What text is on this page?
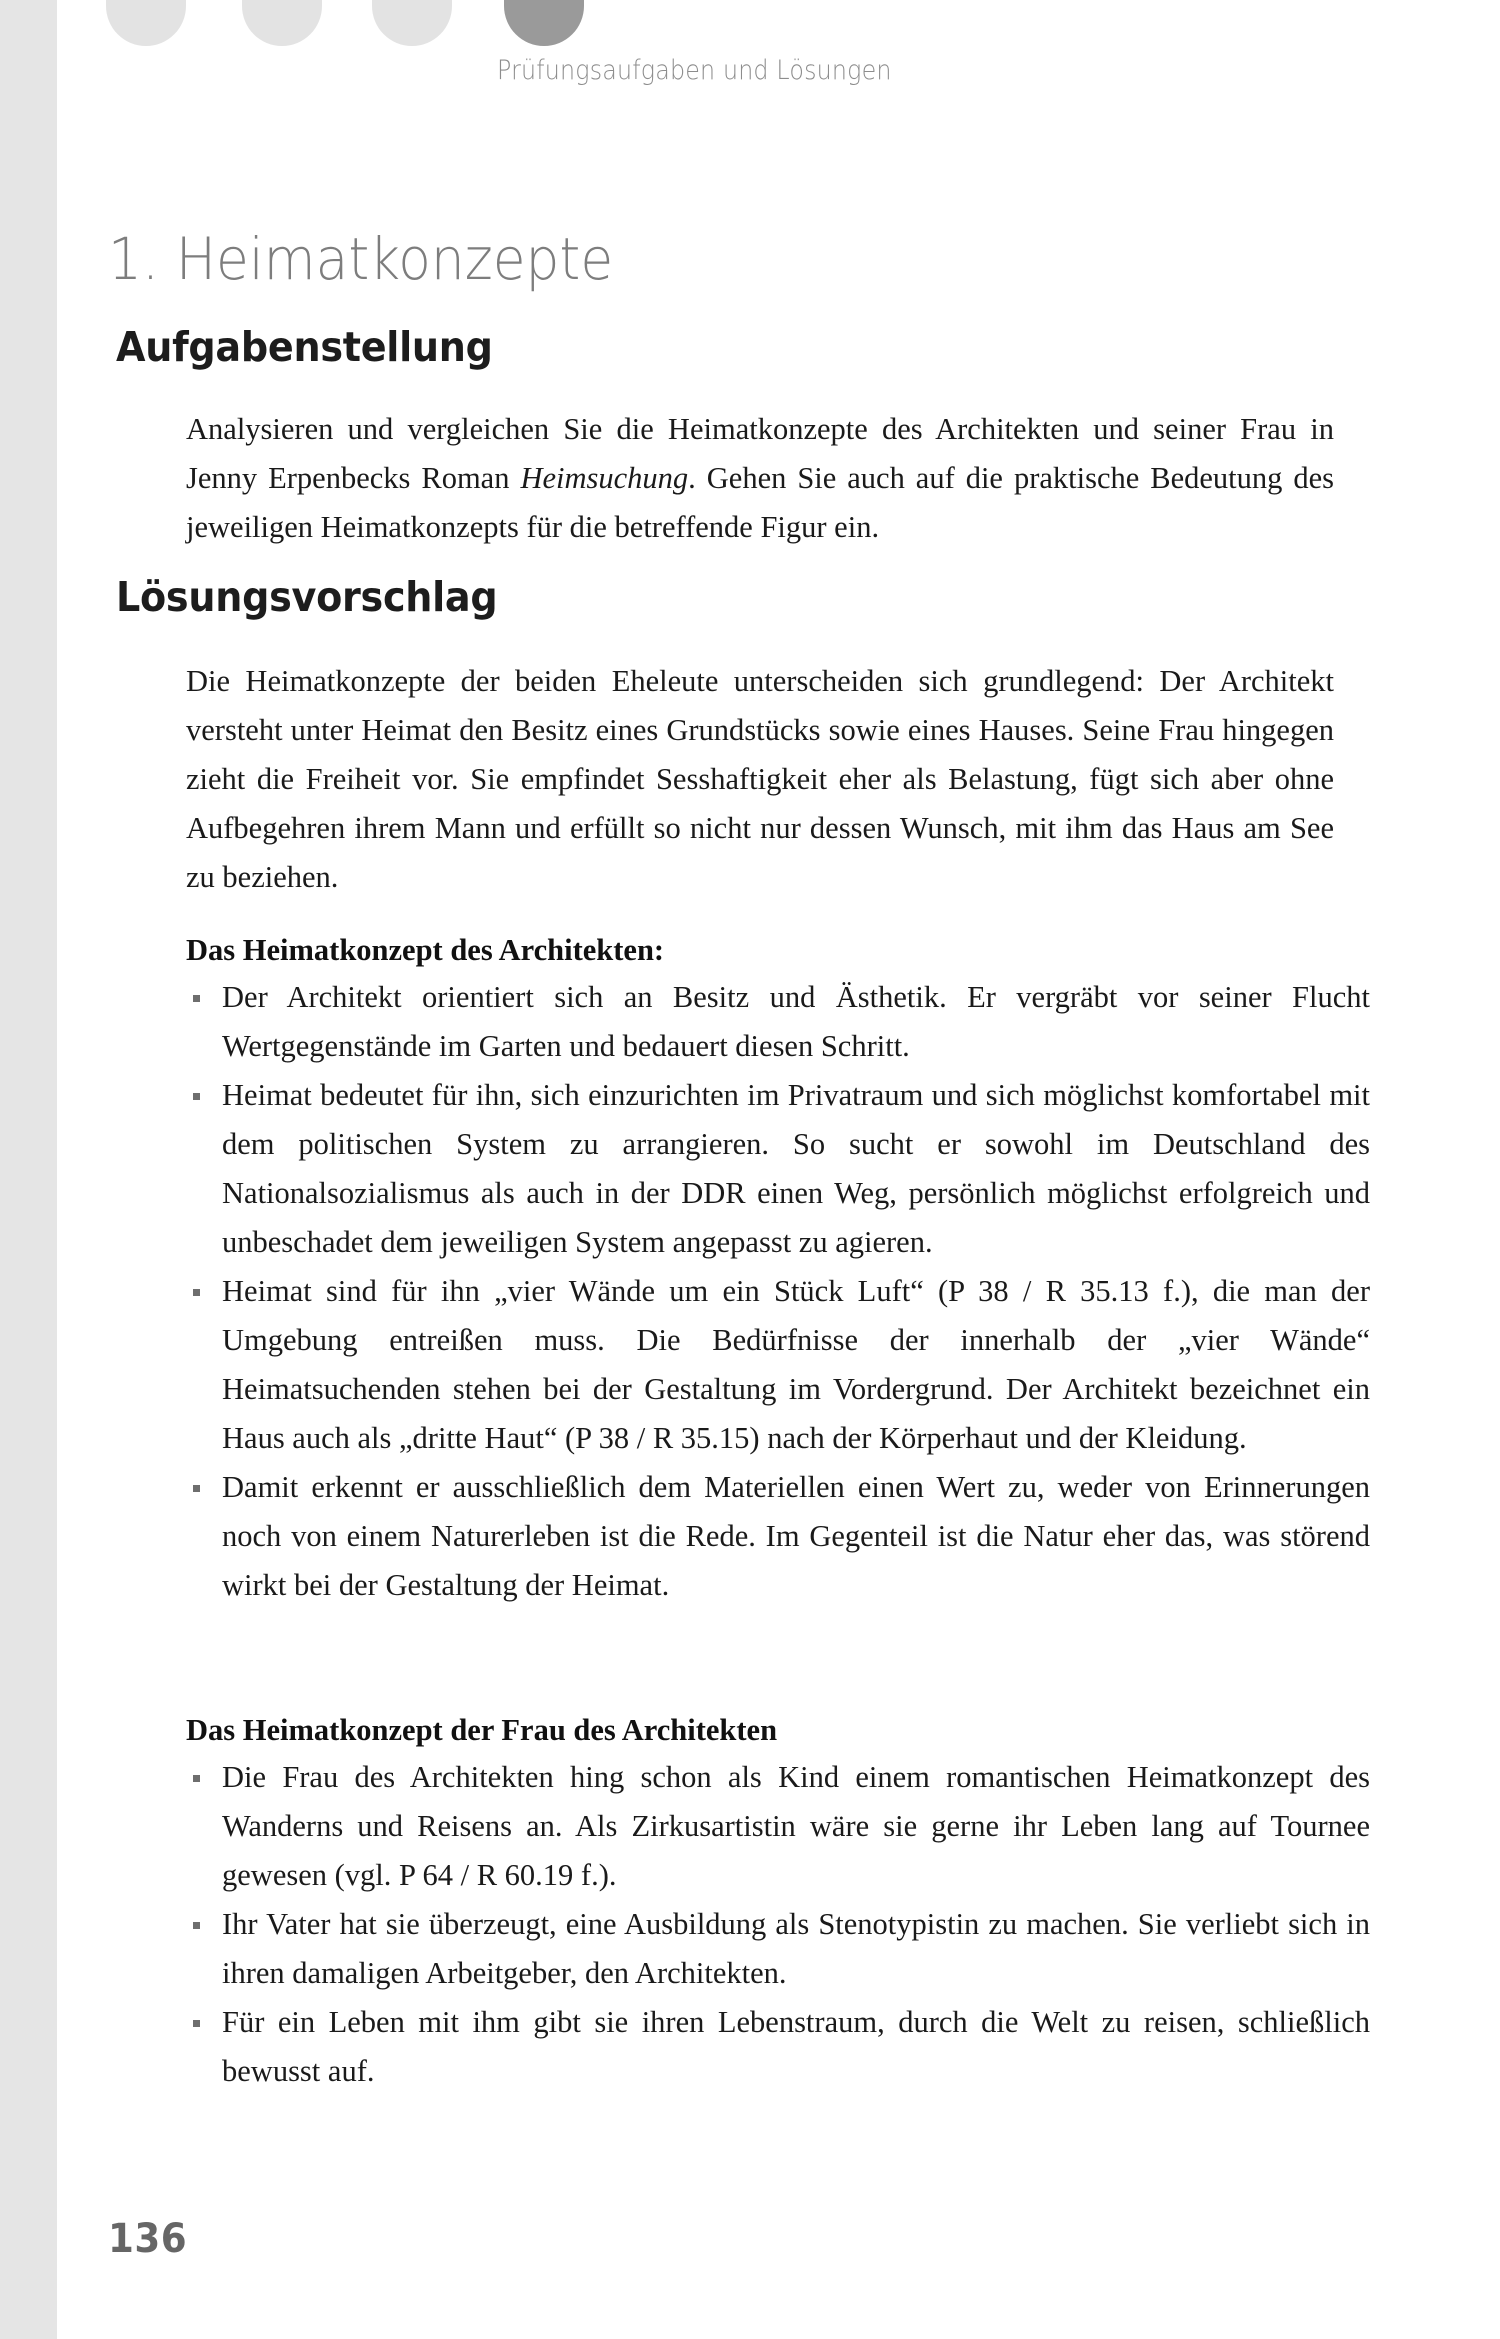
Prüfungsaufgaben und Lösungen
1. Heimatkonzepte
Aufgabenstellung

Analysieren und vergleichen Sie die Heimatkonzepte des Architekten und seiner Frau in Jenny Erpenbecks Roman Heimsuchung. Gehen Sie auch auf die praktische Bedeutung des jeweiligen Heimatkonzepts für die betreffende Figur ein.

Lösungsvorschlag

Die Heimatkonzepte der beiden Eheleute unterscheiden sich grundlegend: Der Architekt versteht unter Heimat den Besitz eines Grundstücks sowie eines Hauses. Seine Frau hingegen zieht die Freiheit vor. Sie empfindet Sesshaftigkeit eher als Belastung, fügt sich aber ohne Aufbegehren ihrem Mann und erfüllt so nicht nur dessen Wunsch, mit ihm das Haus am See zu beziehen.

Das Heimatkonzept des Architekten:
Der Architekt orientiert sich an Besitz und Ästhetik. Er vergräbt vor seiner Flucht Wertgegenstände im Garten und bedauert diesen Schritt.
Heimat bedeutet für ihn, sich einzurichten im Privatraum und sich möglichst komfortabel mit dem politischen System zu arrangieren. So sucht er sowohl im Deutschland des Nationalsozialismus als auch in der DDR einen Weg, persönlich möglichst erfolgreich und unbeschadet dem jeweiligen System angepasst zu agieren.
Heimat sind für ihn „vier Wände um ein Stück Luft“ (P 38 / R 35.13 f.), die man der Umgebung entreißen muss. Die Bedürfnisse der innerhalb der „vier Wände“ Heimatsuchenden stehen bei der Gestaltung im Vordergrund. Der Architekt bezeichnet ein Haus auch als „dritte Haut“ (P 38 / R 35.15) nach der Körperhaut und der Kleidung.
Damit erkennt er ausschließlich dem Materiellen einen Wert zu, weder von Erinnerungen noch von einem Naturerleben ist die Rede. Im Gegenteil ist die Natur eher das, was störend wirkt bei der Gestaltung der Heimat.
Das Heimatkonzept der Frau des Architekten
Die Frau des Architekten hing schon als Kind einem romantischen Heimatkonzept des Wanderns und Reisens an. Als Zirkusartistin wäre sie gerne ihr Leben lang auf Tournee gewesen (vgl. P 64 / R 60.19 f.).
Ihr Vater hat sie überzeugt, eine Ausbildung als Stenotypistin zu machen. Sie verliebt sich in ihren damaligen Arbeitgeber, den Architekten.
Für ein Leben mit ihm gibt sie ihren Lebenstraum, durch die Welt zu reisen, schließlich bewusst auf.
136
